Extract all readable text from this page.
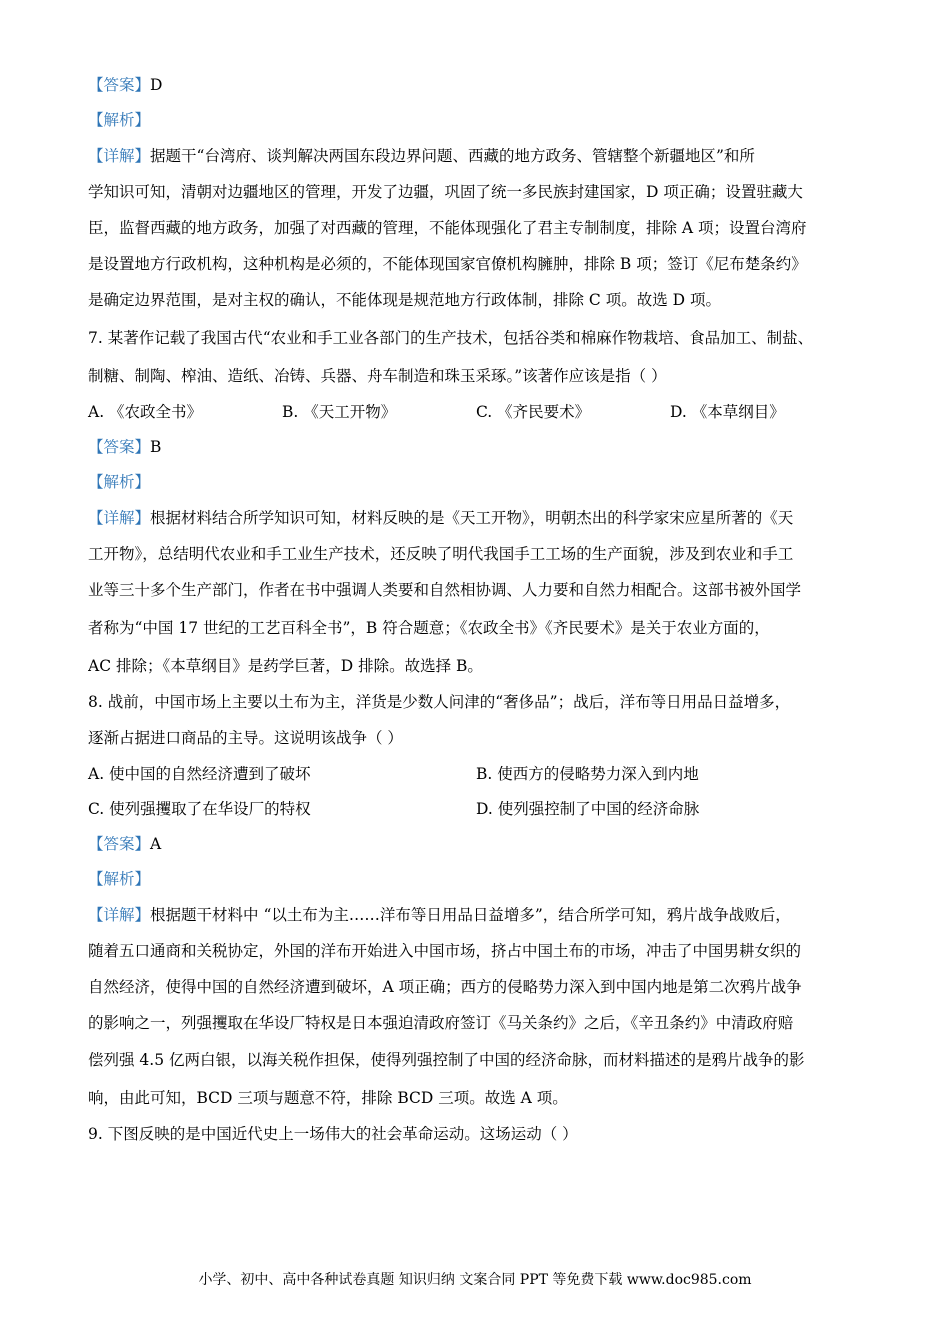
【答案】D
【解析】
【详解】据题干“台湾府、谈判解决两国东段边界问题、西藏的地方政务、管辖整个新疆地区”和所
学知识可知，清朝对边疆地区的管理，开发了边疆，巩固了统一多民族封建国家，D 项正确；设置驻藏大
臣，监督西藏的地方政务，加强了对西藏的管理，不能体现强化了君主专制制度，排除 A 项；设置台湾府
是设置地方行政机构，这种机构是必须的，不能体现国家官僚机构臃肿，排除 B 项；签订《尼布楚条约》
是确定边界范围，是对主权的确认，不能体现是规范地方行政体制，排除 C 项。故选 D 项。
7. 某著作记载了我国古代“农业和手工业各部门的生产技术，包括谷类和棉麻作物栽培、食品加工、制盐、
制糖、制陶、榨油、造纸、冶铸、兵器、舟车制造和珠玉采琢。”该著作应该是指（ ）
A. 《农政全书》	B. 《天工开物》	C. 《齐民要术》	D. 《本草纲目》
【答案】B
【解析】
【详解】根据材料结合所学知识可知，材料反映的是《天工开物》，明朝杰出的科学家宋应星所著的《天
工开物》，总结明代农业和手工业生产技术，还反映了明代我国手工工场的生产面貌，涉及到农业和手工
业等三十多个生产部门，作者在书中强调人类要和自然相协调、人力要和自然力相配合。这部书被外国学
者称为“中国 17 世纪的工艺百科全书”，B 符合题意；《农政全书》《齐民要术》是关于农业方面的，
AC 排除；《本草纲目》是药学巨著，D 排除。故选择 B。
8. 战前，中国市场上主要以土布为主，洋货是少数人问津的“奢侈品”；战后，洋布等日用品日益增多，
逐渐占据进口商品的主导。这说明该战争（ ）
A. 使中国的自然经济遭到了破坏	B. 使西方的侵略势力深入到内地
C. 使列强攫取了在华设厂的特权	D. 使列强控制了中国的经济命脉
【答案】A
【解析】
【详解】根据题干材料中 “以土布为主……洋布等日用品日益增多”，结合所学可知，鸦片战争战败后，
随着五口通商和关税协定，外国的洋布开始进入中国市场，挤占中国土布的市场，冲击了中国男耕女织的
自然经济，使得中国的自然经济遭到破坏，A 项正确；西方的侵略势力深入到中国内地是第二次鸦片战争
的影响之一，列强攫取在华设厂特权是日本强迫清政府签订《马关条约》之后，《辛丑条约》中清政府赔
偿列强 4.5 亿两白银，以海关税作担保，使得列强控制了中国的经济命脉，而材料描述的是鸦片战争的影
响，由此可知，BCD 三项与题意不符，排除 BCD 三项。故选 A 项。
9. 下图反映的是中国近代史上一场伟大的社会革命运动。这场运动（ ）
小学、初中、高中各种试卷真题 知识归纳 文案合同 PPT 等免费下载 www.doc985.com
